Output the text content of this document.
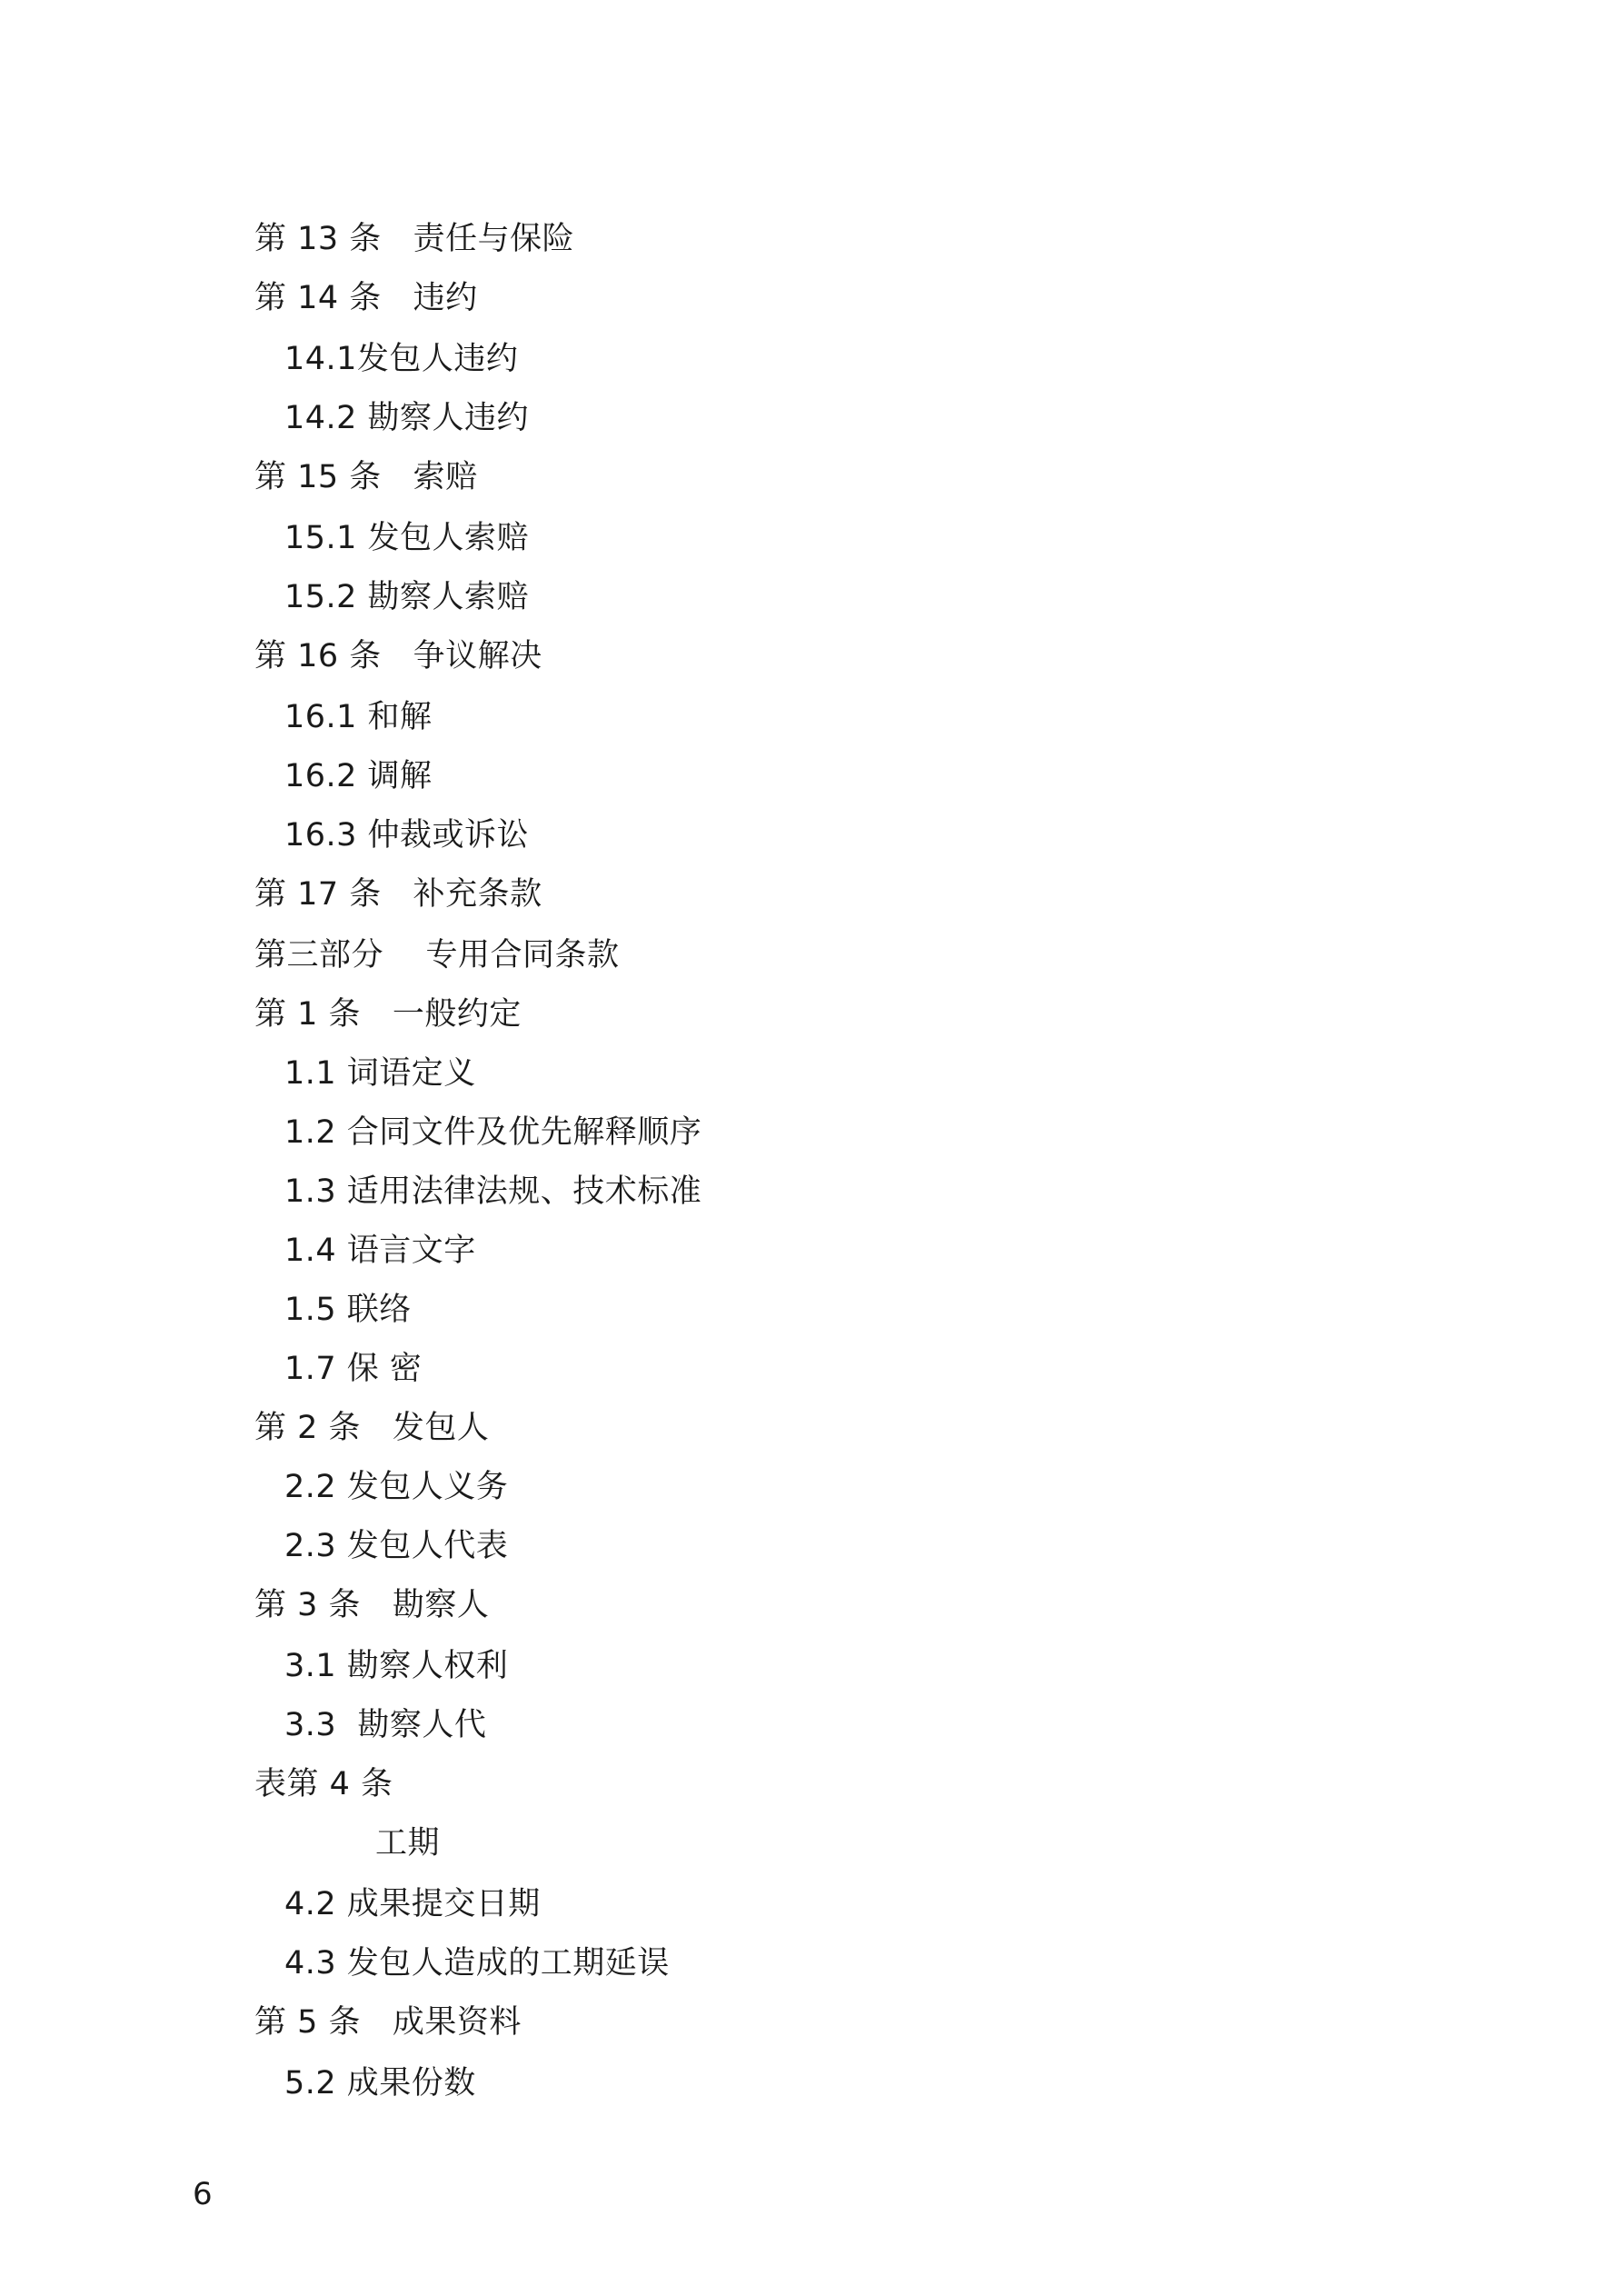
第 13 条   责任与保险
第 14 条   违约
14.1发包人违约
14.2 勘察人违约
第 15 条   索赔
15.1 发包人索赔
15.2 勘察人索赔
第 16 条   争议解决
16.1 和解
16.2 调解
16.3 仲裁或诉讼
第 17 条   补充条款
第三部分    专用合同条款
第 1 条   一般约定
1.1 词语定义
1.2 合同文件及优先解释顺序
1.3 适用法律法规、技术标准
1.4 语言文字
1.5 联络
1.7 保 密
第 2 条   发包人
2.2 发包人义务
2.3 发包人代表
第 3 条   勘察人
3.1 勘察人权利
3.3  勘察人代
表第 4 条
工期
4.2 成果提交日期
4.3 发包人造成的工期延误
第 5 条   成果资料
5.2 成果份数
6
